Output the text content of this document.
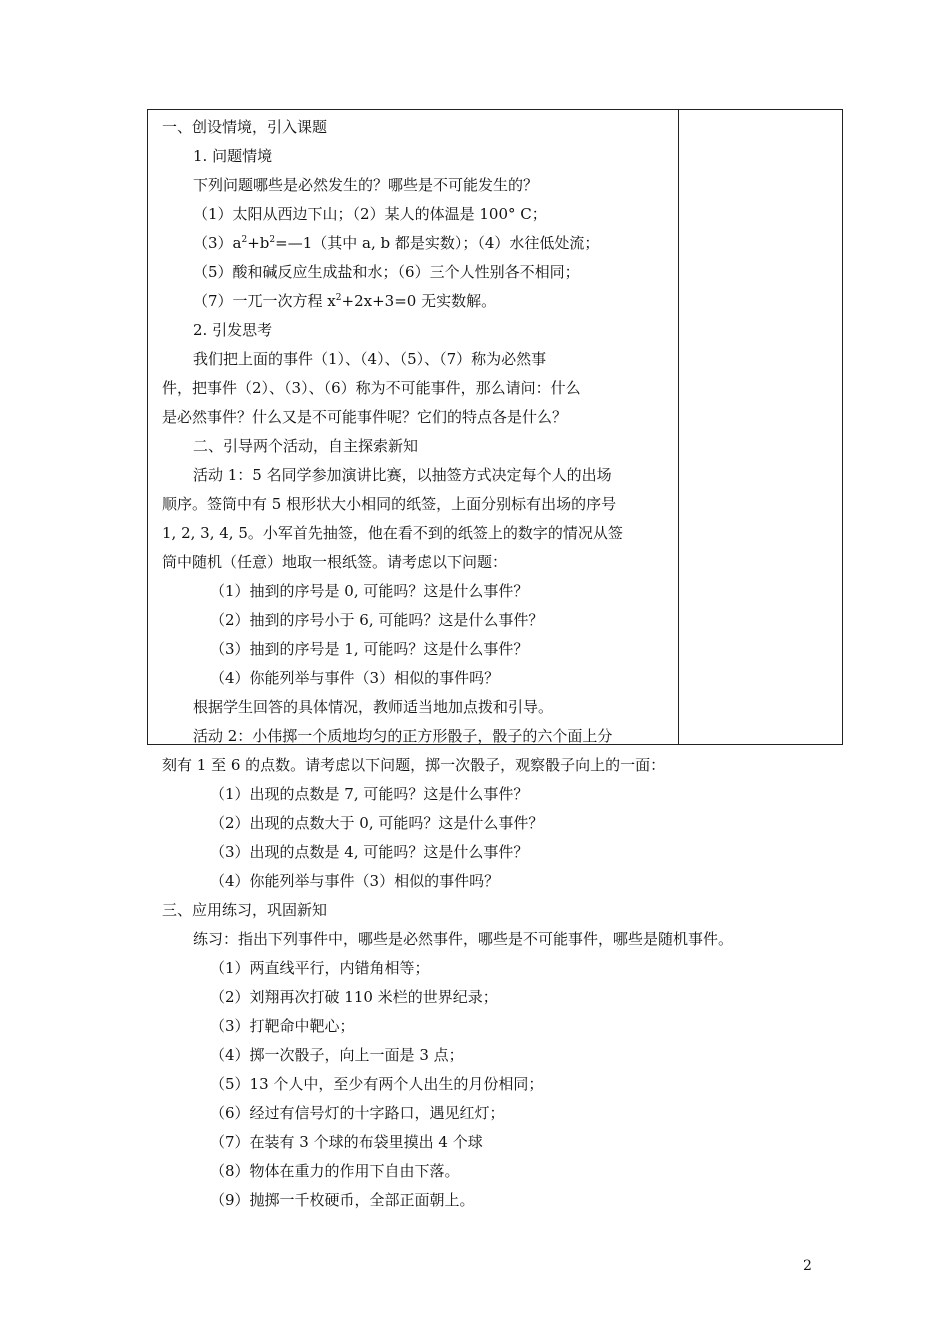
一、创设情境，引入课题
1. 问题情境
下列问题哪些是必然发生的？哪些是不可能发生的？
（1）太阳从西边下山；（2）某人的体温是 100° C；
$(3)a^2+b^2=—1$（其中 a, b 都是实数）；（4）水往低处流；
（5）酸和碱反应生成盐和水；（6）三个人性别各不相同；
（7）一兀一次方程 $x^2+2x+3=0$ 无实数解。
2. 引发思考
我们把上面的事件（1）、（4）、（5）、（7）称为必然事
件，把事件（2）、（3）、（6）称为不可能事件，那么请问：什么
是必然事件？什么又是不可能事件呢？它们的特点各是什么？
二、引导两个活动，自主探索新知
活动 1：5 名同学参加演讲比赛，以抽签方式决定每个人的出场
顺序。签筒中有 5 根形状大小相同的纸签，上面分别标有出场的序号
1, 2, 3, 4, 5。小军首先抽签，他在看不到的纸签上的数字的情况从签
筒中随机（任意）地取一根纸签。请考虑以下问题：
（1）抽到的序号是 0, 可能吗？这是什么事件？
（2）抽到的序号小于 6, 可能吗？这是什么事件？
（3）抽到的序号是 1, 可能吗？这是什么事件？
（4）你能列举与事件（3）相似的事件吗？
根据学生回答的具体情况，教师适当地加点拨和引导。
活动 2：小伟掷一个质地均匀的正方形骰子，骰子的六个面上分
刻有 1 至 6 的点数。请考虑以下问题，掷一次骰子，观察骰子向上的一面：
（1）出现的点数是 7, 可能吗？这是什么事件？
（2）出现的点数大于 0, 可能吗？这是什么事件？
（3）出现的点数是 4, 可能吗？这是什么事件？
（4）你能列举与事件（3）相似的事件吗？
三、应用练习，巩固新知
练习：指出下列事件中，哪些是必然事件，哪些是不可能事件，哪些是随机事件。
（1）两直线平行，内错角相等；
（2）刘翔再次打破 110 米栏的世界纪录；
（3）打靶命中靶心；
（4）掷一次骰子，向上一面是 3 点；
（5）13 个人中，至少有两个人出生的月份相同；
（6）经过有信号灯的十字路口，遇见红灯；
（7）在装有 3 个球的布袋里摸出 4 个球
（8）物体在重力的作用下自由下落。
（9）抛掷一千枚硬币，全部正面朝上。
2
